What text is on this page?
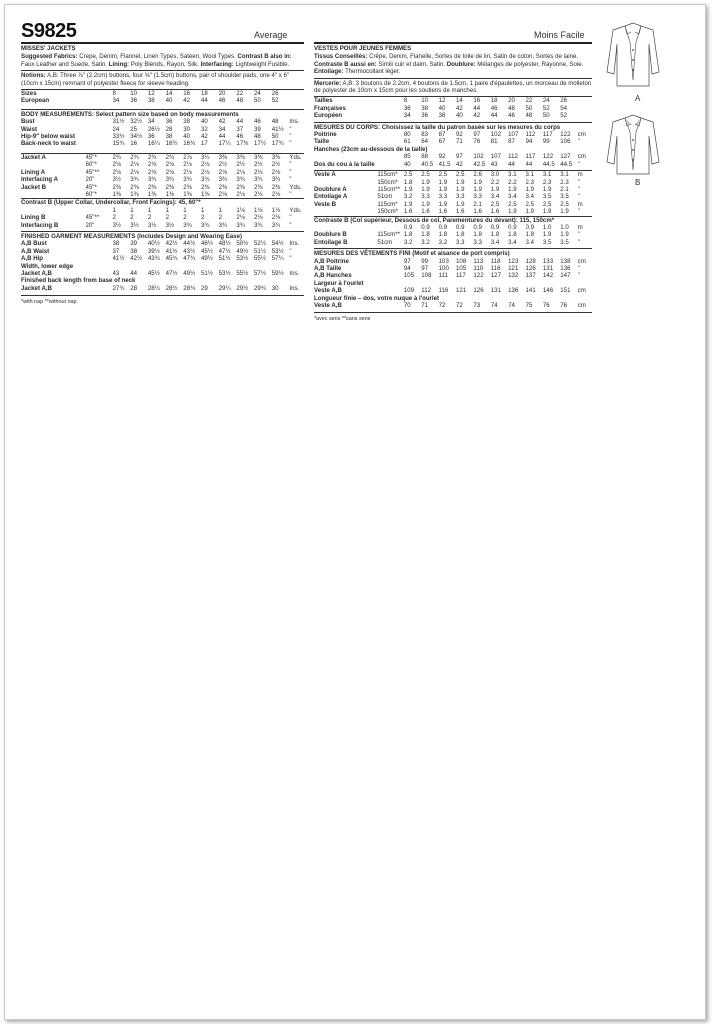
S9825	Average	Moins Facile
MISSES' JACKETS
Suggested Fabrics: Crepe, Denim, Flannel, Linen Types, Sateen, Wool Types. Contrast B also in: Faux Leather and Suede, Satin. Lining: Poly Blends, Rayon, Silk. Interfacing: Lightweight Fusible.
Notions: A,B: Three ⅞" (2.2cm) buttons, four ⅝" (1.5cm) buttons, pair of shoulder pads, one 4" x 6" (10cm x 15cm) remnant of polyester fleece for sleeve heading.
Sizes		8	10	12	14	16	18	20	22	24	26	
European		34	36	38	40	42	44	46	48	50	52	
BODY MEASUREMENTS: Select pattern size based on body measurements
Bust		31½	32½	34	36	38	40	42	44	46	48	Ins.
Waist		24	25	26½	28	30	32	34	37	39	41½	"
Hip-9" below waist		33½	34½	36	38	40	42	44	46	48	50	"
Back-neck to waist		15¾	16	16¼	16½	16¾	17	17¼	17⅜	17½	17¾	"
Jacket A	45"*	2¾	2¾	2¾	2¾	2⅞	3¼	3⅜	3⅜	3⅜	3⅜	Yds.
	60"*	2⅛	2⅛	2⅛	2⅛	2⅛	2⅛	2½	2½	2½	2½	"
Lining A	45"**	2⅛	2⅛	2⅛	2⅛	2⅛	2⅛	2⅛	2⅛	2⅛	2⅛	"
Interfacing A	20"	3½	3¾	3¾	3¾	3¾	3¾	3¾	3¾	3¾	3¾	"
Jacket B	45"*	2⅜	2⅜	2⅜	2⅜	2⅜	2⅜	2⅜	2⅜	2⅜	2⅜	Yds.
	60"*	1⅜	1⅜	1⅜	1⅜	1⅜	1⅜	2⅛	2⅛	2⅛	2⅛	"
Contrast B (Upper Collar, Undercollar, Front Facings): 45, 60"*
		1	1	1	1	1	1	1	1⅛	1⅛	1⅛	Yds.
Lining B	45"**	2	2	2	2	2	2	2	2⅛	2⅛	2⅛	"
Interfacing B	20"	3½	3½	3½	3½	3¾	3¾	3¾	3¾	3¾	3¾	"
FINISHED GARMENT MEASUREMENTS (Includes Design and Wearing Ease)
A,B Bust		38	39	40½	42½	44½	46½	48½	50½	52½	54½	Ins.
A,B Waist		37	38	39½	41½	43½	45½	47½	49½	51½	53½	"
A,B Hip		41½	42½	43¾	45¾	47¾	49½	51½	53½	55½	57¼	"
Width, lower edge
Jacket A,B		43	44	45½	47½	49½	51½	53½	55½	57½	59½	Ins.
Finished back length from base of neck
Jacket A,B		27¾	28	28¼	28½	28¾	29	29¼	29½	29¾	30	Ins.
*with nap **without nap
VESTES POUR JEUNES FEMMES
Tissus Conseillés: Crêpe, Denim, Flanelle, Sortes de toile de lin, Satin de coton, Sortes de laine. Contraste B aussi en: Simili cuir et daim, Satin. Doublure: Mélanges de polyester, Rayonne, Soie. Entoilage: Thermocollant léger.
Mercerie: A,B: 3 boutons de 2.2cm, 4 boutons de 1.5cm, 1 paire d'épaulettes, un morceau de molleton de polyester de 10cm x 15cm pour les soutiens de manches.
Tailles		8	10	12	14	16	18	20	22	24	26	
Françaises		36	38	40	42	44	46	48	50	52	54	
Européen		34	36	38	40	42	44	46	48	50	52	
MESURES DU CORPS: Choisissez la taille du patron basée sur les mesures du corps
Poitrine		80	83	87	92	97	102	107	112	117	122	cm
Taille		61	64	67	71	76	81	87	94	99	106	"
Hanches (23cm au-dessous de la taille)
		85	88	92	97	102	107	112	117	122	127	cm
Dos du cou à la taille		40	40.5	41.5	42	42.5	43	44	44	44.5	44.5	"
Veste A	115cm*	2.5	2.5	2.5	2.5	2.6	3.0	3.1	3.1	3.1	3.1	m
	150cm*	1.8	1.9	1.9	1.9	1.9	2.2	2.2	2.3	2.3	2.3	"
Doublure A	115cm**	1.9	1.9	1.9	1.9	1.9	1.9	1.9	1.9	1.9	2.1	"
Entoilage A	51cm	3.2	3.3	3.3	3.3	3.3	3.4	3.4	3.4	3.5	3.5	"
Veste B	115cm*	1.9	1.9	1.9	1.9	2.1	2.5	2.5	2.5	2.5	2.5	m
	150cm*	1.6	1.6	1.6	1.6	1.6	1.6	1.9	1.9	1.9	1.9	"
Contraste B (Col supérieur, Dessous de col, Parementures du devant): 115, 150cm*
		0.9	0.9	0.9	0.9	0.9	0.9	0.9	0.9	1.0	1.0	m
Doublure B	115cm**	1.8	1.8	1.8	1.8	1.8	1.8	1.8	1.8	1.9	1.9	"
Entoilage B	51cm	3.2	3.2	3.2	3.3	3.3	3.4	3.4	3.4	3.5	3.5	"
MESURES DES VÊTEMENTS FINI (Motif et aisance de port compris)
A,B Poitrine		97	99	103	108	113	118	123	128	133	138	cm
A,B Taille		94	97	100	105	110	116	121	126	131	136	"
A,B Hanches		105	108	111	117	122	127	132	137	142	147	"
Largeur à l'ourlet
Veste A,B		109	112	116	121	126	131	136	141	146	151	cm
Longueur finie – dos, votre nuque à l'ourlet
Veste A,B		70	71	72	72	73	74	74	75	76	76	cm
*avec sens **sans sens
A
B
